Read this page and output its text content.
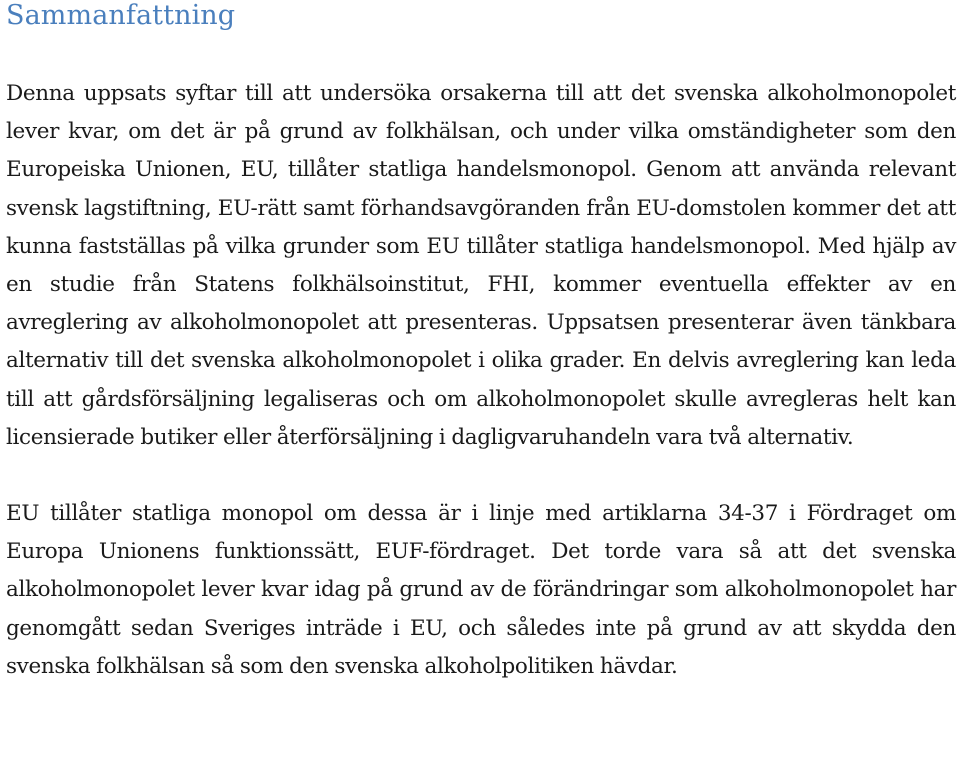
Sammanfattning

Denna uppsats syftar till att undersöka orsakerna till att det svenska alkoholmonopolet lever kvar, om det är på grund av folkhälsan, och under vilka omständigheter som den Europeiska Unionen, EU, tillåter statliga handelsmonopol. Genom att använda relevant svensk lagstiftning, EU-rätt samt förhandsavgöranden från EU-domstolen kommer det att kunna fastställas på vilka grunder som EU tillåter statliga handelsmonopol. Med hjälp av en studie från Statens folkhälsoinstitut, FHI, kommer eventuella effekter av en avreglering av alkoholmonopolet att presenteras. Uppsatsen presenterar även tänkbara alternativ till det svenska alkoholmonopolet i olika grader. En delvis avreglering kan leda till att gårdsförsäljning legaliseras och om alkoholmonopolet skulle avregleras helt kan licensierade butiker eller återförsäljning i dagligvaruhandeln vara två alternativ.

EU tillåter statliga monopol om dessa är i linje med artiklarna 34-37 i Fördraget om Europa Unionens funktionssätt, EUF-fördraget. Det torde vara så att det svenska alkoholmonopolet lever kvar idag på grund av de förändringar som alkoholmonopolet har genomgått sedan Sveriges inträde i EU, och således inte på grund av att skydda den svenska folkhälsan så som den svenska alkoholpolitiken hävdar.
